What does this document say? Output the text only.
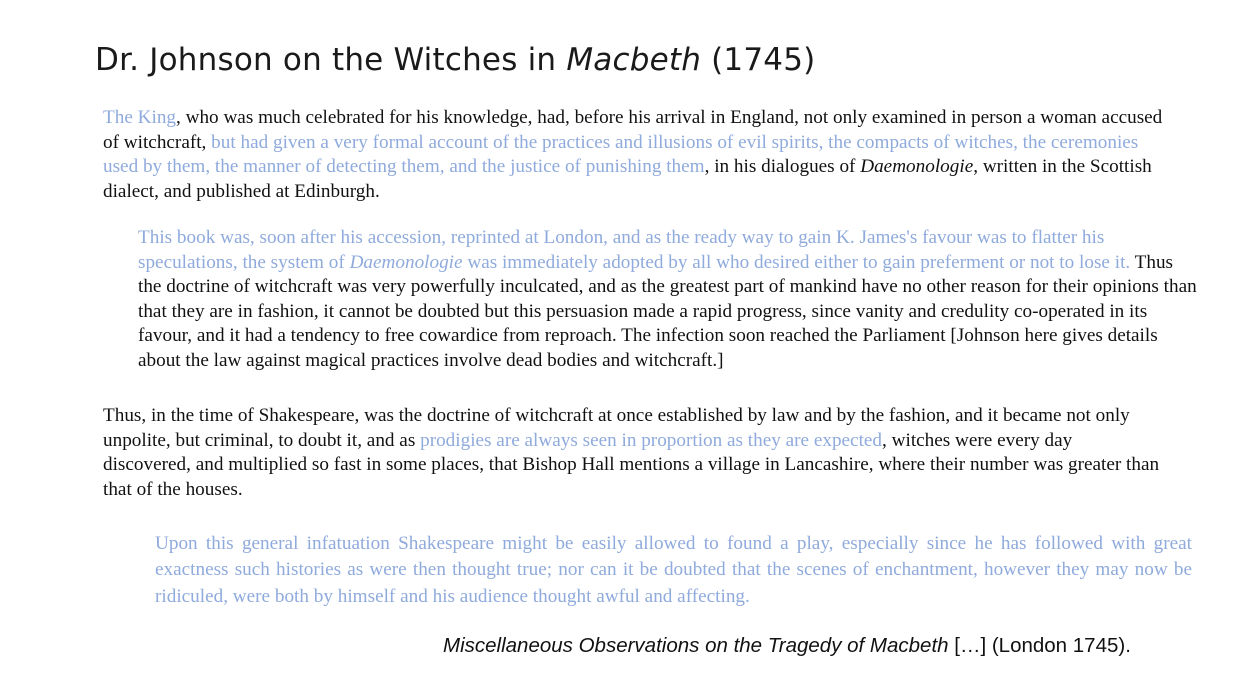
Dr. Johnson on the Witches in Macbeth (1745)

The King, who was much celebrated for his knowledge, had, before his arrival in England, not only examined in person a woman accused of witchcraft, but had given a very formal account of the practices and illusions of evil spirits, the compacts of witches, the ceremonies used by them, the manner of detecting them, and the justice of punishing them, in his dialogues of Daemonologie, written in the Scottish dialect, and published at Edinburgh.

This book was, soon after his accession, reprinted at London, and as the ready way to gain K. James's favour was to flatter his speculations, the system of Daemonologie was immediately adopted by all who desired either to gain preferment or not to lose it. Thus the doctrine of witchcraft was very powerfully inculcated, and as the greatest part of mankind have no other reason for their opinions than that they are in fashion, it cannot be doubted but this persuasion made a rapid progress, since vanity and credulity co-operated in its favour, and it had a tendency to free cowardice from reproach. The infection soon reached the Parliament [Johnson here gives details about the law against magical practices involve dead bodies and witchcraft.]

Thus, in the time of Shakespeare, was the doctrine of witchcraft at once established by law and by the fashion, and it became not only unpolite, but criminal, to doubt it, and as prodigies are always seen in proportion as they are expected, witches were every day discovered, and multiplied so fast in some places, that Bishop Hall mentions a village in Lancashire, where their number was greater than that of the houses.

Upon this general infatuation Shakespeare might be easily allowed to found a play, especially since he has followed with great exactness such histories as were then thought true; nor can it be doubted that the scenes of enchantment, however they may now be ridiculed, were both by himself and his audience thought awful and affecting.

Miscellaneous Observations on the Tragedy of Macbeth […] (London 1745).
